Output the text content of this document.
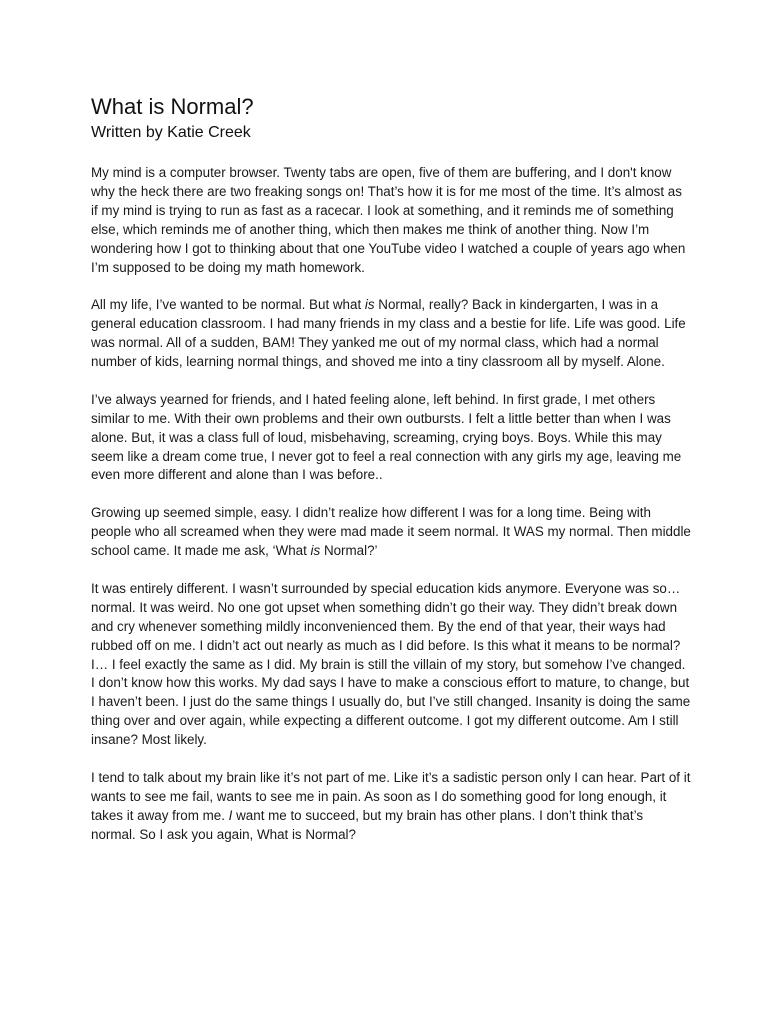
What is Normal?
Written by Katie Creek

My mind is a computer browser. Twenty tabs are open, five of them are buffering, and I don't know why the heck there are two freaking songs on! That’s how it is for me most of the time. It’s almost as if my mind is trying to run as fast as a racecar. I look at something, and it reminds me of something else, which reminds me of another thing, which then makes me think of another thing. Now I’m wondering how I got to thinking about that one YouTube video I watched a couple of years ago when I’m supposed to be doing my math homework.

All my life, I’ve wanted to be normal. But what is Normal, really? Back in kindergarten, I was in a general education classroom. I had many friends in my class and a bestie for life. Life was good. Life was normal. All of a sudden, BAM! They yanked me out of my normal class, which had a normal number of kids, learning normal things, and shoved me into a tiny classroom all by myself. Alone.

I’ve always yearned for friends, and I hated feeling alone, left behind. In first grade, I met others similar to me. With their own problems and their own outbursts. I felt a little better than when I was alone. But, it was a class full of loud, misbehaving, screaming, crying boys. Boys. While this may seem like a dream come true, I never got to feel a real connection with any girls my age, leaving me even more different and alone than I was before..

Growing up seemed simple, easy. I didn’t realize how different I was for a long time. Being with people who all screamed when they were mad made it seem normal. It WAS my normal. Then middle school came. It made me ask, ‘What is Normal?’

It was entirely different. I wasn’t surrounded by special education kids anymore. Everyone was so… normal. It was weird. No one got upset when something didn’t go their way. They didn’t break down and cry whenever something mildly inconvenienced them. By the end of that year, their ways had rubbed off on me. I didn’t act out nearly as much as I did before. Is this what it means to be normal? I… I feel exactly the same as I did. My brain is still the villain of my story, but somehow I’ve changed. I don’t know how this works. My dad says I have to make a conscious effort to mature, to change, but I haven’t been. I just do the same things I usually do, but I’ve still changed. Insanity is doing the same thing over and over again, while expecting a different outcome. I got my different outcome. Am I still insane? Most likely.

I tend to talk about my brain like it’s not part of me. Like it’s a sadistic person only I can hear. Part of it wants to see me fail, wants to see me in pain. As soon as I do something good for long enough, it takes it away from me. I want me to succeed, but my brain has other plans. I don’t think that’s normal. So I ask you again, What is Normal?
